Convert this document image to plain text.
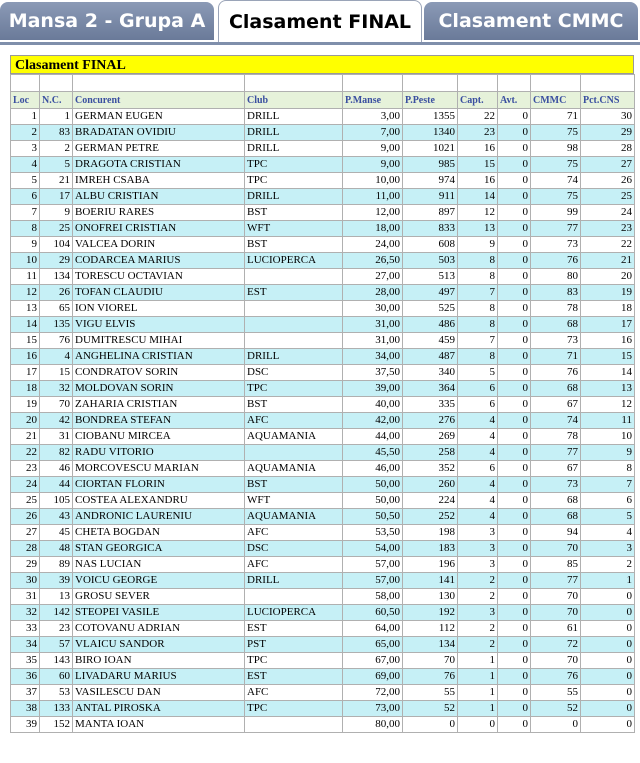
Mansa 2 - Grupa A	Clasament FINAL	Clasament CMMC
Clasament FINAL

Loc	N.C.	Concurent	Club	P.Manse	P.Peste	Capt.	Avt.	CMMC	Pct.CNS
1	1	GERMAN EUGEN	DRILL	3,00	1355	22	0	71	30
2	83	BRADATAN OVIDIU	DRILL	7,00	1340	23	0	75	29
3	2	GERMAN PETRE	DRILL	9,00	1021	16	0	98	28
4	5	DRAGOTA CRISTIAN	TPC	9,00	985	15	0	75	27
5	21	IMREH CSABA	TPC	10,00	974	16	0	74	26
6	17	ALBU CRISTIAN	DRILL	11,00	911	14	0	75	25
7	9	BOERIU RARES	BST	12,00	897	12	0	99	24
8	25	ONOFREI CRISTIAN	WFT	18,00	833	13	0	77	23
9	104	VALCEA DORIN	BST	24,00	608	9	0	73	22
10	29	CODARCEA MARIUS	LUCIOPERCA	26,50	503	8	0	76	21
11	134	TORESCU OCTAVIAN		27,00	513	8	0	80	20
12	26	TOFAN CLAUDIU	EST	28,00	497	7	0	83	19
13	65	ION VIOREL		30,00	525	8	0	78	18
14	135	VIGU ELVIS		31,00	486	8	0	68	17
15	76	DUMITRESCU MIHAI		31,00	459	7	0	73	16
16	4	ANGHELINA CRISTIAN	DRILL	34,00	487	8	0	71	15
17	15	CONDRATOV SORIN	DSC	37,50	340	5	0	76	14
18	32	MOLDOVAN SORIN	TPC	39,00	364	6	0	68	13
19	70	ZAHARIA CRISTIAN	BST	40,00	335	6	0	67	12
20	42	BONDREA STEFAN	AFC	42,00	276	4	0	74	11
21	31	CIOBANU MIRCEA	AQUAMANIA	44,00	269	4	0	78	10
22	82	RADU VITORIO		45,50	258	4	0	77	9
23	46	MORCOVESCU MARIAN	AQUAMANIA	46,00	352	6	0	67	8
24	44	CIORTAN FLORIN	BST	50,00	260	4	0	73	7
25	105	COSTEA ALEXANDRU	WFT	50,00	224	4	0	68	6
26	43	ANDRONIC LAURENIU	AQUAMANIA	50,50	252	4	0	68	5
27	45	CHETA BOGDAN	AFC	53,50	198	3	0	94	4
28	48	STAN GEORGICA	DSC	54,00	183	3	0	70	3
29	89	NAS LUCIAN	AFC	57,00	196	3	0	85	2
30	39	VOICU GEORGE	DRILL	57,00	141	2	0	77	1
31	13	GROSU SEVER		58,00	130	2	0	70	0
32	142	STEOPEI VASILE	LUCIOPERCA	60,50	192	3	0	70	0
33	23	COTOVANU ADRIAN	EST	64,00	112	2	0	61	0
34	57	VLAICU SANDOR	PST	65,00	134	2	0	72	0
35	143	BIRO IOAN	TPC	67,00	70	1	0	70	0
36	60	LIVADARU MARIUS	EST	69,00	76	1	0	76	0
37	53	VASILESCU DAN	AFC	72,00	55	1	0	55	0
38	133	ANTAL PIROSKA	TPC	73,00	52	1	0	52	0
39	152	MANTA IOAN		80,00	0	0	0	0	0
